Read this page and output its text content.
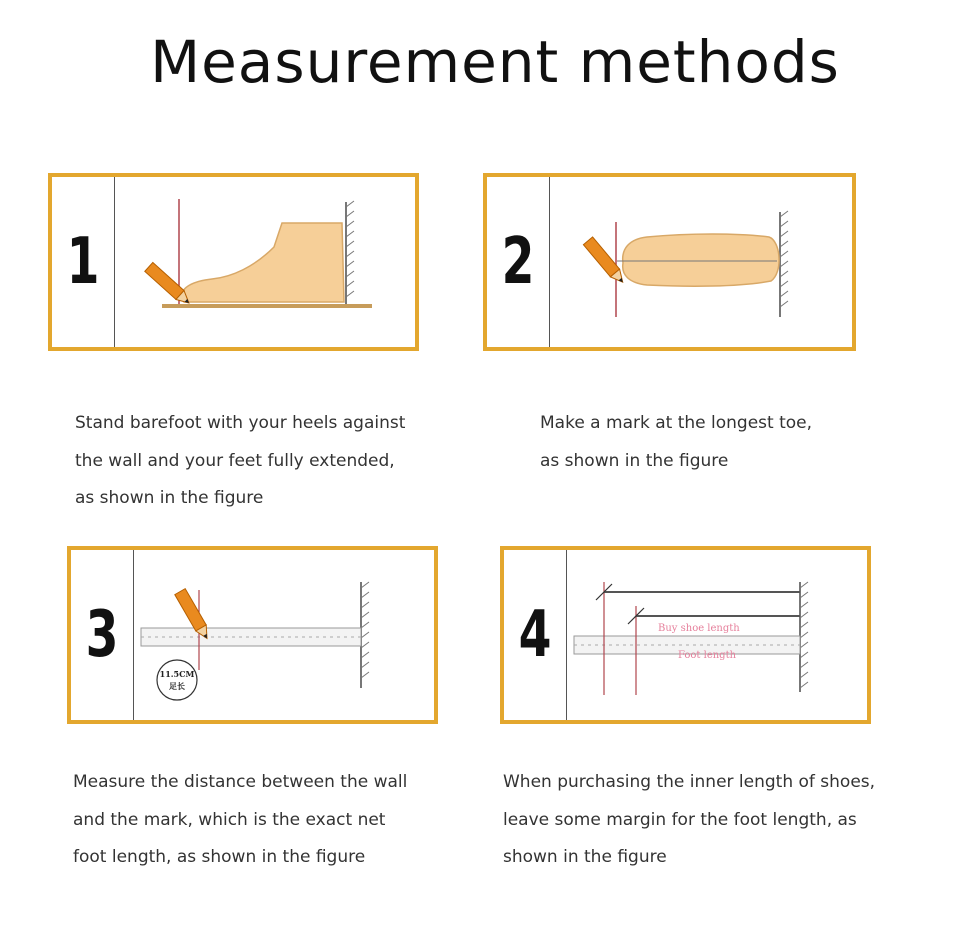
Measurement methods
1	2
3
11.5CM
足长
4	Buy shoe length
Foot length
Stand barefoot with your heels against
the wall and your feet fully extended,
as shown in the figure
Make a mark at the longest toe,
as shown in the figure
Measure the distance between the wall
and the mark, which is the exact net
foot length, as shown in the figure
When purchasing the inner length of shoes,
leave some margin for the foot length, as
shown in the figure
